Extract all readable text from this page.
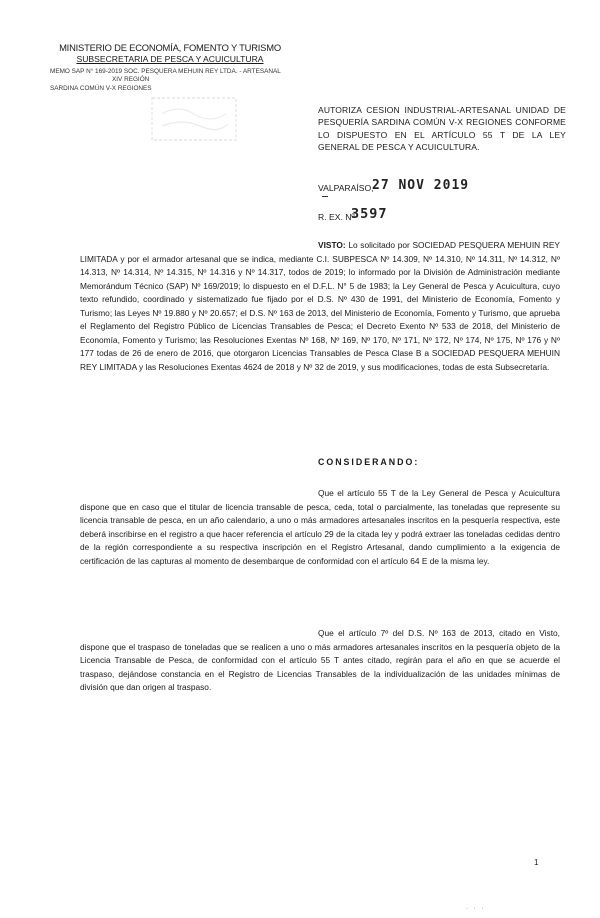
MINISTERIO DE ECONOMÍA, FOMENTO Y TURISMO
SUBSECRETARIA DE PESCA Y ACUICULTURA
MEMO SAP N° 169-2019 SOC. PESQUERA MEHUIN REY LTDA. - ARTESANAL
XIV REGIÓN
SARDINA COMÚN V-X REGIONES
AUTORIZA CESION INDUSTRIAL-ARTESANAL UNIDAD DE PESQUERÍA SARDINA COMÚN V-X REGIONES CONFORME LO DISPUESTO EN EL ARTÍCULO 55 T DE LA LEY GENERAL DE PESCA Y ACUICULTURA.
VALPARAÍSO,
27 NOV 2019
R. EX. Nº
3597
VISTO: Lo solicitado por SOCIEDAD PESQUERA MEHUIN REY LIMITADA y por el armador artesanal que se indica, mediante C.I. SUBPESCA Nº 14.309, Nº 14.310, Nº 14.311, Nº 14.312, Nº 14.313, Nº 14.314, Nº 14.315, Nº 14.316 y Nº 14.317, todos de 2019; lo informado por la División de Administración mediante Memorándum Técnico (SAP) Nº 169/2019; lo dispuesto en el D.F.L. N° 5 de 1983; la Ley General de Pesca y Acuicultura, cuyo texto refundido, coordinado y sistematizado fue fijado por el D.S. Nº 430 de 1991, del Ministerio de Economía, Fomento y Turismo; las Leyes Nº 19.880 y Nº 20.657; el D.S. Nº 163 de 2013, del Ministerio de Economía, Fomento y Turismo, que aprueba el Reglamento del Registro Público de Licencias Transables de Pesca; el Decreto Exento Nº 533 de 2018, del Ministerio de Economía, Fomento y Turismo; las Resoluciones Exentas Nº 168, Nº 169, Nº 170, Nº 171, Nº 172, Nº 174, Nº 175, Nº 176 y Nº 177 todas de 26 de enero de 2016, que otorgaron Licencias Transables de Pesca Clase B a SOCIEDAD PESQUERA MEHUIN REY LIMITADA y las Resoluciones Exentas 4624 de 2018 y Nº 32 de 2019, y sus modificaciones, todas de esta Subsecretaría.
CONSIDERANDO:
Que el artículo 55 T de la Ley General de Pesca y Acuicultura dispone que en caso que el titular de licencia transable de pesca, ceda, total o parcialmente, las toneladas que represente su licencia transable de pesca, en un año calendario, a uno o más armadores artesanales inscritos en la pesquería respectiva, este deberá inscribirse en el registro a que hacer referencia el artículo 29 de la citada ley y podrá extraer las toneladas cedidas dentro de la región correspondiente a su respectiva inscripción en el Registro Artesanal, dando cumplimiento a la exigencia de certificación de las capturas al momento de desembarque de conformidad con el artículo 64 E de la misma ley.
Que el artículo 7º del D.S. Nº 163 de 2013, citado en Visto, dispone que el traspaso de toneladas que se realicen a uno o más armadores artesanales inscritos en la pesquería objeto de la Licencia Transable de Pesca, de conformidad con el artículo 55 T antes citado, regirán para el año en que se acuerde el traspaso, dejándose constancia en el Registro de Licencias Transables de la individualización de las unidades mínimas de división que dan origen al traspaso.
1
· · ·
